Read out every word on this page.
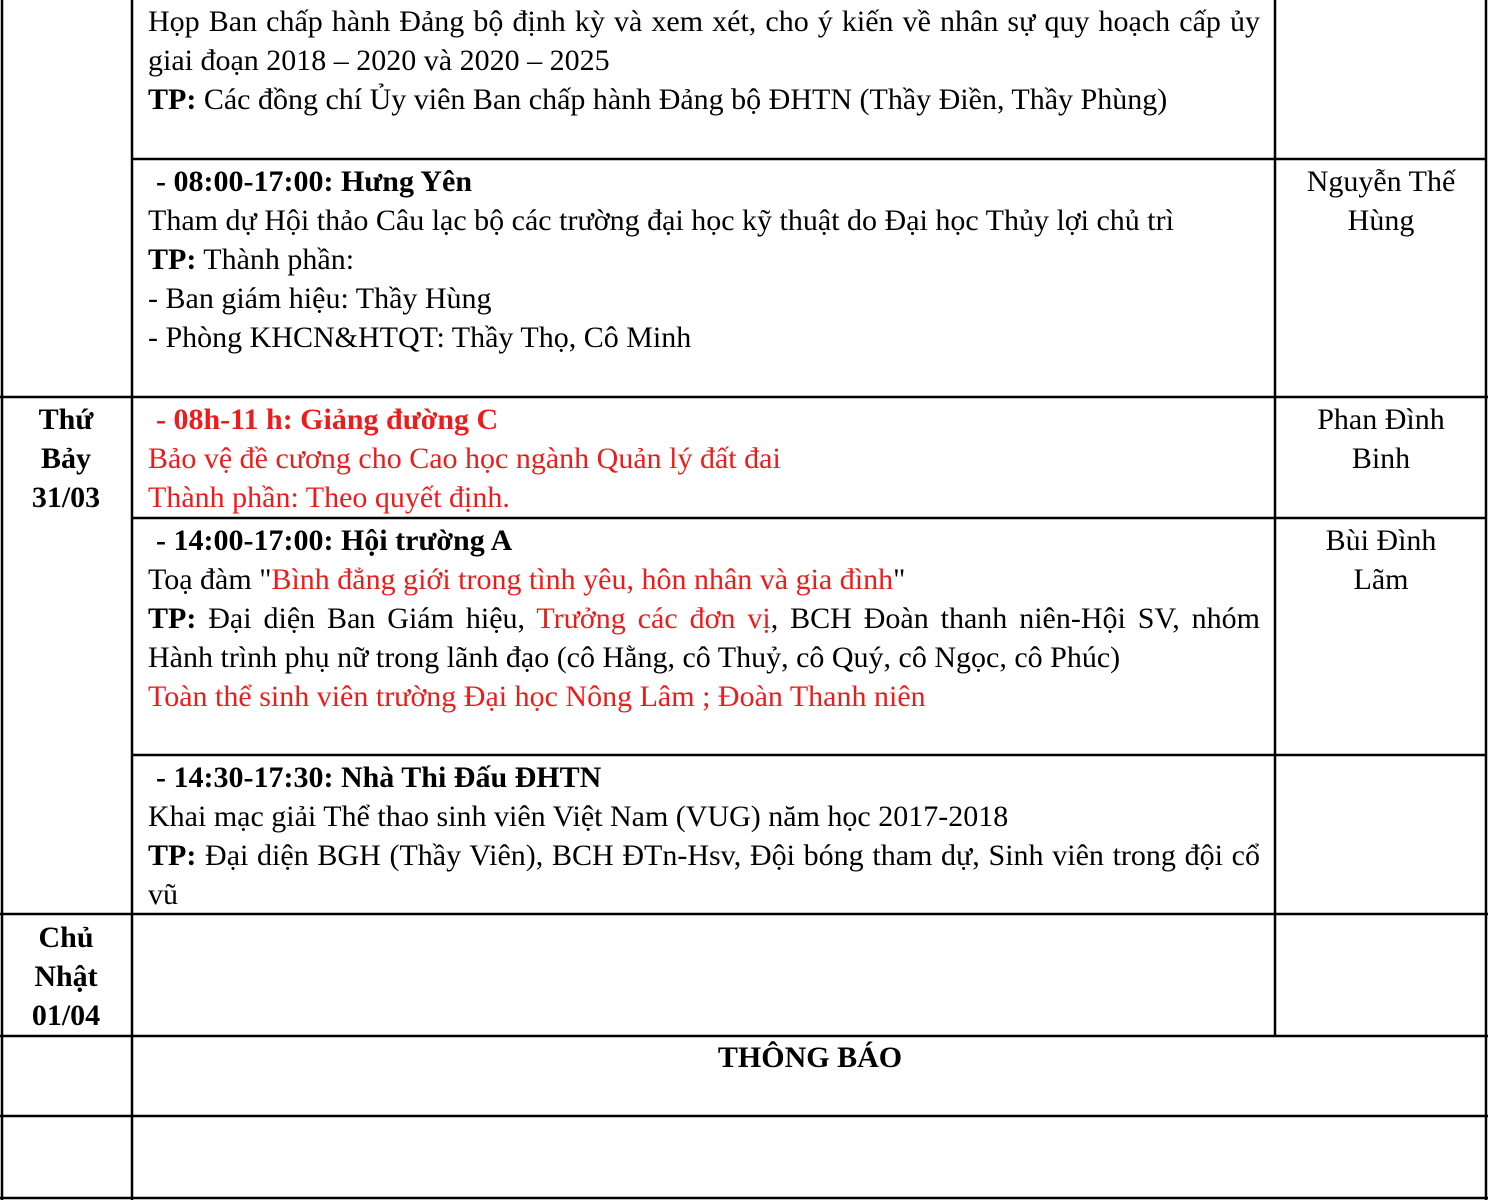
Họp Ban chấp hành Đảng bộ định kỳ và xem xét, cho ý kiến về nhân sự quy hoạch cấp ủy giai đoạn 2018 – 2020 và 2020 – 2025
TP: Các đồng chí Ủy viên Ban chấp hành Đảng bộ ĐHTN (Thầy Điền, Thầy Phùng)
- 08:00-17:00: Hưng Yên
Tham dự Hội thảo Câu lạc bộ các trường đại học kỹ thuật do Đại học Thủy lợi chủ trì
TP: Thành phần:
- Ban giám hiệu: Thầy Hùng
- Phòng KHCN&HTQT: Thầy Thọ, Cô Minh
Nguyễn Thế
Hùng
Thứ
Bảy
31/03
- 08h-11 h: Giảng đường C
Bảo vệ đề cương cho Cao học ngành Quản lý đất đai
Thành phần: Theo quyết định.
Phan Đình
Binh
- 14:00-17:00: Hội trường A
Toạ đàm "Bình đẳng giới trong tình yêu, hôn nhân và gia đình"
TP: Đại diện Ban Giám hiệu, Trưởng các đơn vị, BCH Đoàn thanh niên-Hội SV, nhóm Hành trình phụ nữ trong lãnh đạo (cô Hằng, cô Thuỷ, cô Quý, cô Ngọc, cô Phúc)
Toàn thể sinh viên trường Đại học Nông Lâm ; Đoàn Thanh niên
Bùi Đình
Lãm
- 14:30-17:30: Nhà Thi Đấu ĐHTN
Khai mạc giải Thể thao sinh viên Việt Nam (VUG) năm học 2017-2018
TP: Đại diện BGH (Thầy Viên), BCH ĐTn-Hsv, Đội bóng tham dự, Sinh viên trong đội cổ vũ
Chủ
Nhật
01/04
THÔNG BÁO
